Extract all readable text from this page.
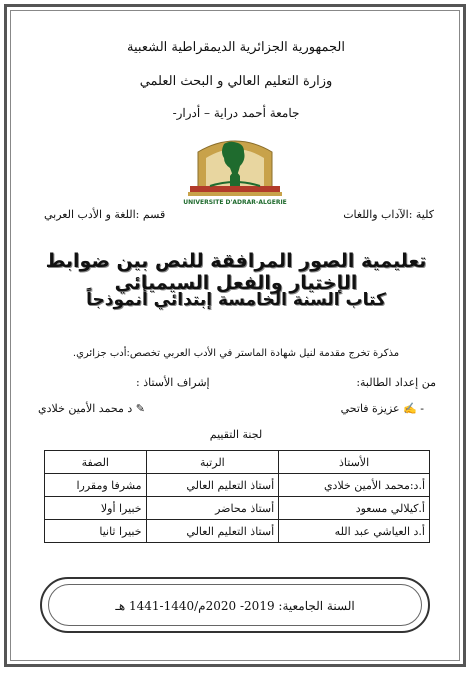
الجمهورية الجزائرية الديمقراطية الشعبية
وزارة التعليم العالي و البحث العلمي
جامعة أحمد دراية – أدرار-
UNIVERSITE D'ADRAR-ALGERIE
كلية :الآداب واللغات
قسم :اللغة و الأدب العربي
تعليمية الصور المرافقة للنص بين ضوابط الإختيار والفعل السيميائي
كتاب السنة الخامسة إبتدائي أنموذجاً
مذكرة تخرج مقدمة لنيل شهادة الماستر في الأدب العربي تخصص:أدب جزائري.
من إعداد الطالبة:
إشراف الأستاذ :
- ✍ عزيزة فاتحي
✎ د محمد الأمين خلادي
لجنة التقييم
الأستاذ	الرتبة	الصفة
أ.د:محمد الأمين خلادي	أستاذ التعليم العالي	مشرفا ومقررا
أ.كيلالي مسعود	أستاذ محاضر	خبيرا أولا
أ.د العياشي عبد الله	أستاذ التعليم العالي	خبيرا ثانيا
السنة الجامعية: 2019- 2020م/1440-1441 هـ
